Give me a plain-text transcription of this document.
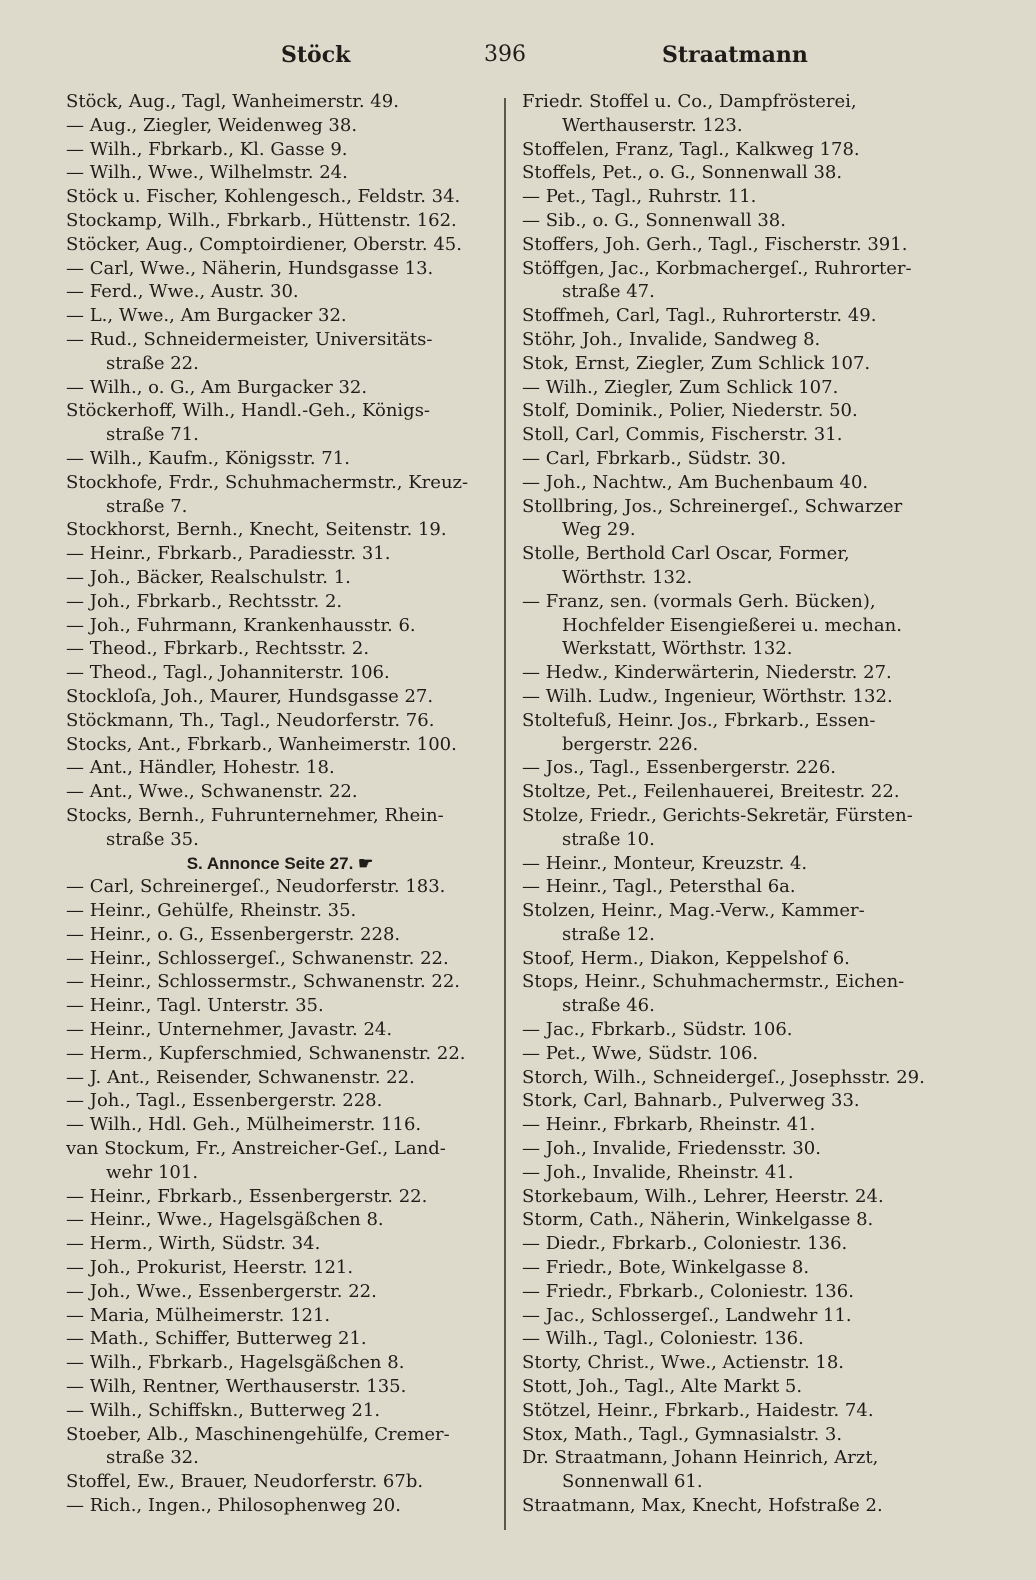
Stöck	396	Straatmann
Stöck, Aug., Tagl, Wanheimerstr. 49.
— Aug., Ziegler, Weidenweg 38.
— Wilh., Fbrkarb., Kl. Gasse 9.
— Wilh., Wwe., Wilhelmstr. 24.
Stöck u. Fischer, Kohlengesch., Feldstr. 34.
Stockamp, Wilh., Fbrkarb., Hüttenstr. 162.
Stöcker, Aug., Comptoirdiener, Oberstr. 45.
— Carl, Wwe., Näherin, Hundsgasse 13.
— Ferd., Wwe., Austr. 30.
— L., Wwe., Am Burgacker 32.
— Rud., Schneidermeister, Universitäts-
straße 22.
— Wilh., o. G., Am Burgacker 32.
Stöckerhoff, Wilh., Handl.-Geh., Königs-
straße 71.
— Wilh., Kaufm., Königsstr. 71.
Stockhofe, Frdr., Schuhmachermstr., Kreuz-
straße 7.
Stockhorst, Bernh., Knecht, Seitenstr. 19.
— Heinr., Fbrkarb., Paradiesstr. 31.
— Joh., Bäcker, Realschulstr. 1.
— Joh., Fbrkarb., Rechtsstr. 2.
— Joh., Fuhrmann, Krankenhausstr. 6.
— Theod., Fbrkarb., Rechtsstr. 2.
— Theod., Tagl., Johanniterstr. 106.
Stockloſa, Joh., Maurer, Hundsgasse 27.
Stöckmann, Th., Tagl., Neudorferstr. 76.
Stocks, Ant., Fbrkarb., Wanheimerstr. 100.
— Ant., Händler, Hohestr. 18.
— Ant., Wwe., Schwanenstr. 22.
Stocks, Bernh., Fuhrunternehmer, Rhein-
straße 35.
S. Annonce Seite 27. ☛
— Carl, Schreinergeſ., Neudorferstr. 183.
— Heinr., Gehülfe, Rheinstr. 35.
— Heinr., o. G., Essenbergerstr. 228.
— Heinr., Schlossergeſ., Schwanenstr. 22.
— Heinr., Schlossermstr., Schwanenstr. 22.
— Heinr., Tagl. Unterstr. 35.
— Heinr., Unternehmer, Javastr. 24.
— Herm., Kupferschmied, Schwanenstr. 22.
— J. Ant., Reisender, Schwanenstr. 22.
— Joh., Tagl., Essenbergerstr. 228.
— Wilh., Hdl. Geh., Mülheimerstr. 116.
van Stockum, Fr., Anstreicher-Geſ., Land-
wehr 101.
— Heinr., Fbrkarb., Essenbergerstr. 22.
— Heinr., Wwe., Hagelsgäßchen 8.
— Herm., Wirth, Südstr. 34.
— Joh., Prokurist, Heerstr. 121.
— Joh., Wwe., Essenbergerstr. 22.
— Maria, Mülheimerstr. 121.
— Math., Schiffer, Butterweg 21.
— Wilh., Fbrkarb., Hagelsgäßchen 8.
— Wilh, Rentner, Werthauserstr. 135.
— Wilh., Schiffskn., Butterweg 21.
Stoeber, Alb., Maschinengehülfe, Cremer-
straße 32.
Stoffel, Ew., Brauer, Neudorferstr. 67b.
— Rich., Ingen., Philosophenweg 20.
Friedr. Stoffel u. Co., Dampfrösterei,
Werthauserstr. 123.
Stoffelen, Franz, Tagl., Kalkweg 178.
Stoffels, Pet., o. G., Sonnenwall 38.
— Pet., Tagl., Ruhrstr. 11.
— Sib., o. G., Sonnenwall 38.
Stoffers, Joh. Gerh., Tagl., Fischerstr. 391.
Stöffgen, Jac., Korbmachergeſ., Ruhrorter-
straße 47.
Stoffmeh, Carl, Tagl., Ruhrorterstr. 49.
Stöhr, Joh., Invalide, Sandweg 8.
Stok, Ernst, Ziegler, Zum Schlick 107.
— Wilh., Ziegler, Zum Schlick 107.
Stolf, Dominik., Polier, Niederstr. 50.
Stoll, Carl, Commis, Fischerstr. 31.
— Carl, Fbrkarb., Südstr. 30.
— Joh., Nachtw., Am Buchenbaum 40.
Stollbring, Jos., Schreinergeſ., Schwarzer
Weg 29.
Stolle, Berthold Carl Oscar, Former,
Wörthstr. 132.
— Franz, sen. (vormals Gerh. Bücken),
Hochfelder Eisengießerei u. mechan.
Werkstatt, Wörthstr. 132.
— Hedw., Kinderwärterin, Niederstr. 27.
— Wilh. Ludw., Ingenieur, Wörthstr. 132.
Stoltefuß, Heinr. Jos., Fbrkarb., Essen-
bergerstr. 226.
— Jos., Tagl., Essenbergerstr. 226.
Stoltze, Pet., Feilenhauerei, Breitestr. 22.
Stolze, Friedr., Gerichts-Sekretär, Fürsten-
straße 10.
— Heinr., Monteur, Kreuzstr. 4.
— Heinr., Tagl., Petersthal 6a.
Stolzen, Heinr., Mag.-Verw., Kammer-
straße 12.
Stoof, Herm., Diakon, Keppelshof 6.
Stops, Heinr., Schuhmachermstr., Eichen-
straße 46.
— Jac., Fbrkarb., Südstr. 106.
— Pet., Wwe, Südstr. 106.
Storch, Wilh., Schneidergeſ., Josephsstr. 29.
Stork, Carl, Bahnarb., Pulverweg 33.
— Heinr., Fbrkarb, Rheinstr. 41.
— Joh., Invalide, Friedensstr. 30.
— Joh., Invalide, Rheinstr. 41.
Storkebaum, Wilh., Lehrer, Heerstr. 24.
Storm, Cath., Näherin, Winkelgasse 8.
— Diedr., Fbrkarb., Coloniestr. 136.
— Friedr., Bote, Winkelgasse 8.
— Friedr., Fbrkarb., Coloniestr. 136.
— Jac., Schlossergeſ., Landwehr 11.
— Wilh., Tagl., Coloniestr. 136.
Storty, Christ., Wwe., Actienstr. 18.
Stott, Joh., Tagl., Alte Markt 5.
Stötzel, Heinr., Fbrkarb., Haidestr. 74.
Stox, Math., Tagl., Gymnasialstr. 3.
Dr. Straatmann, Johann Heinrich, Arzt,
Sonnenwall 61.
Straatmann, Max, Knecht, Hofstraße 2.
